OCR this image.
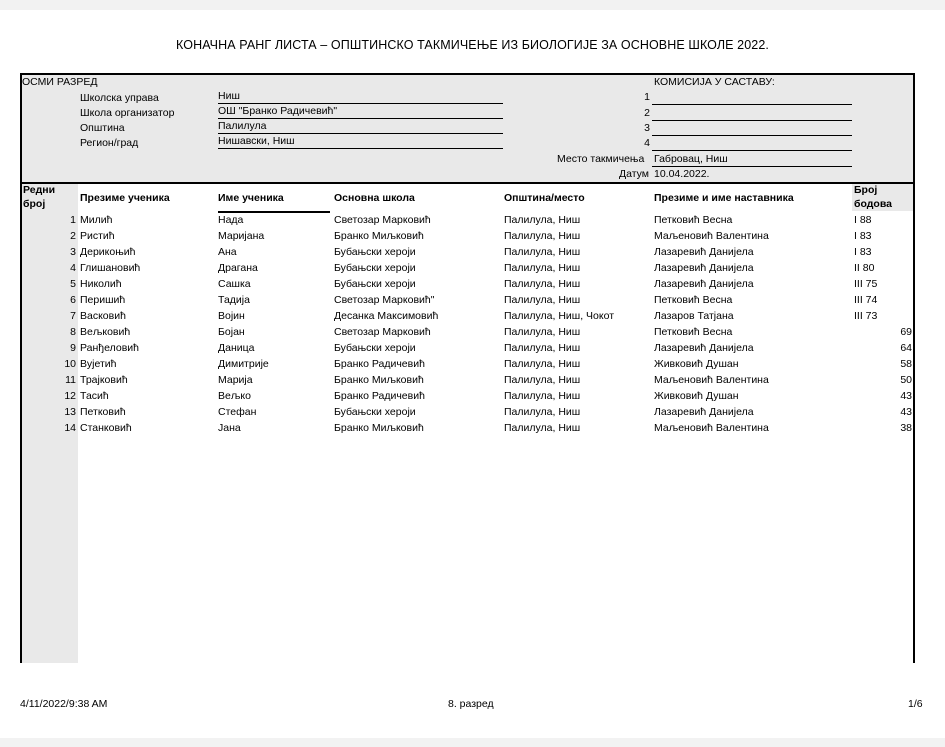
КОНАЧНА РАНГ ЛИСТА – ОПШТИНСКО ТАКМИЧЕЊЕ ИЗ БИОЛОГИЈЕ ЗА ОСНОВНЕ ШКОЛЕ 2022.
ОСМИ РАЗРЕД
Школска управа	Ниш
Школа организатор	ОШ "Бранко Радичевић"
Општина	Палилула
Регион/град	Нишавски, Ниш
КОМИСИЈА У САСТАВУ:
1
2
3
4
Место такмичења Габровац, Ниш
Датум 10.04.2022.
Редни
број	Презиме ученика	Име ученика	Основна школа	Општина/место	Презиме и име наставника
Број
бодова
1 Милић	Нада	Светозар Марковић	Палилула, Ниш	Петковић Весна	I 88
2 Ристић	Маријана	Бранко Миљковић	Палилула, Ниш	Маљеновић Валентина	I 83
3 Дерикоњић	Ана	Бубањски хероји	Палилула, Ниш	Лазаревић Данијела	I 83
4 Глишановић	Драгана	Бубањски хероји	Палилула, Ниш	Лазаревић Данијела	II 80
5 Николић	Сашка	Бубањски хероји	Палилула, Ниш	Лазаревић Данијела	III 75
6 Перишић	Тадија	Светозар Марковић"	Палилула, Ниш	Петковић Весна	III 74
7 Васковић	Војин	Десанка Максимовић	Палилула, Ниш, Чокот	Лазаров Татјана	III 73
8 Вељковић	Бојан	Светозар Марковић	Палилула, Ниш	Петковић Весна	69
9 Ранђеловић	Даница	Бубањски хероји	Палилула, Ниш	Лазаревић Данијела	64
10 Вујетић	Димитрије	Бранко Радичевић	Палилула, Ниш	Живковић Душан	58
11 Трајковић	Марија	Бранко Миљковић	Палилула, Ниш	Маљеновић Валентина	50
12 Тасић	Вељко	Бранко Радичевић	Палилула, Ниш	Живковић Душан	43
13 Петковић	Стефан	Бубањски хероји	Палилула, Ниш	Лазаревић Данијела	43
14 Станковић	Јана	Бранко Миљковић	Палилула, Ниш	Маљеновић Валентина	38
4/11/2022/9:38 AM	8. разред	1/6
